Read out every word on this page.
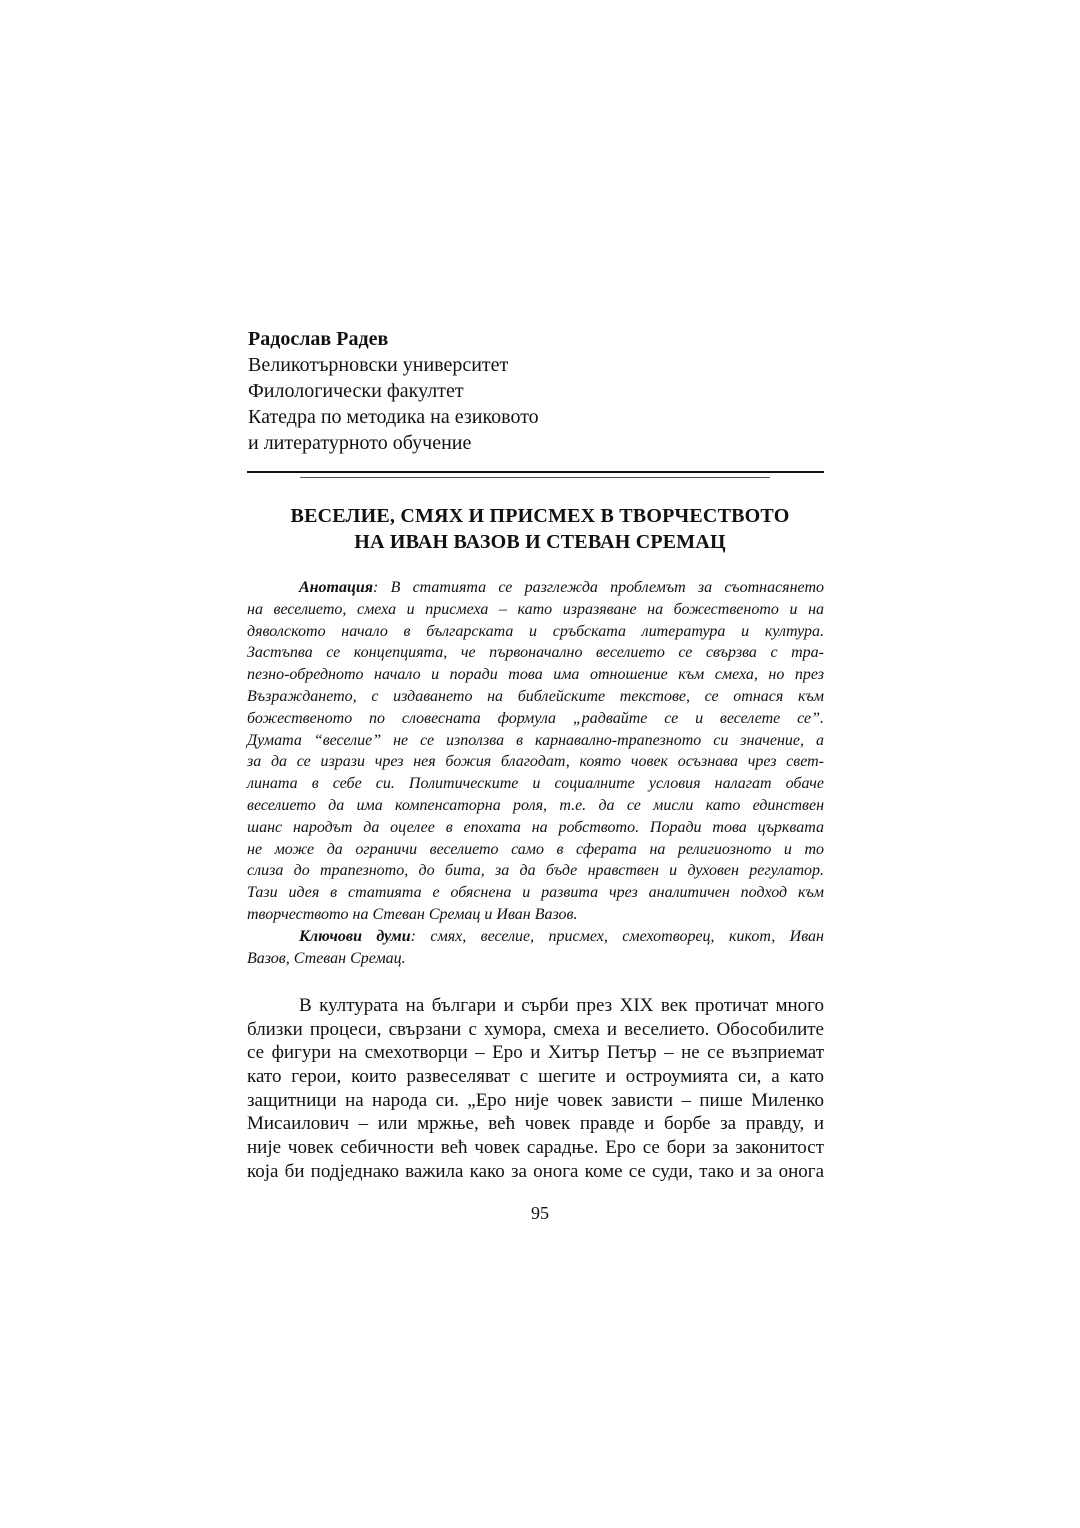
Радослав Радев
Великотърновски университет
Филологически факултет
Катедра по методика на езиковото
и литературното обучение
ВЕСЕЛИЕ, СМЯХ И ПРИСМЕХ В ТВОРЧЕСТВОТО
НА ИВАН ВАЗОВ И СТЕВАН СРЕМАЦ
Анотация: В статията се разглежда проблемът за съотнасянето
на веселието, смеха и присмеха – като изразяване на божественото и на
дяволското начало в българската и сръбската литература и култура.
Застъпва се концепцията, че първоначално веселието се свързва с тра-
пезно-обредното начало и поради това има отношение към смеха, но през
Възраждането, с издаването на библейските текстове, се отнася към
божественото по словесната формула „радвайте се и веселете се”.
Думата “веселие” не се използва в карнавално-трапезното си значение, а
за да се изрази чрез нея божия благодат, която човек осъзнава чрез свет-
лината в себе си. Политическите и социалните условия налагат обаче
веселието да има компенсаторна роля, т.е. да се мисли като единствен
шанс народът да оцелее в епохата на робството. Поради това църквата
не може да ограничи веселието само в сферата на религиозното и то
слиза до трапезното, до бита, за да бъде нравствен и духовен регулатор.
Тази идея в статията е обяснена и развита чрез аналитичен подход към
творчеството на Стеван Сремац и Иван Вазов.
Ключови думи: смях, веселие, присмех, смехотворец, кикот, Иван
Вазов, Стеван Сремац.
В културата на българи и сърби през XIX век протичат много
близки процеси, свързани с хумора, смеха и веселието. Обособилите
се фигури на смехотворци – Еро и Хитър Петър – не се възприемат
като герои, които развеселяват с шегите и остроумията си, а като
защитници на народа си. „Еро није човек зависти – пише Миленко
Мисаилович – или мржње, већ човек правде и борбе за правду, и
није човек себичности већ човек сарадње. Еро се бори за законитост
која би подједнако важила како за онога коме се суди, тако и за онога
95
